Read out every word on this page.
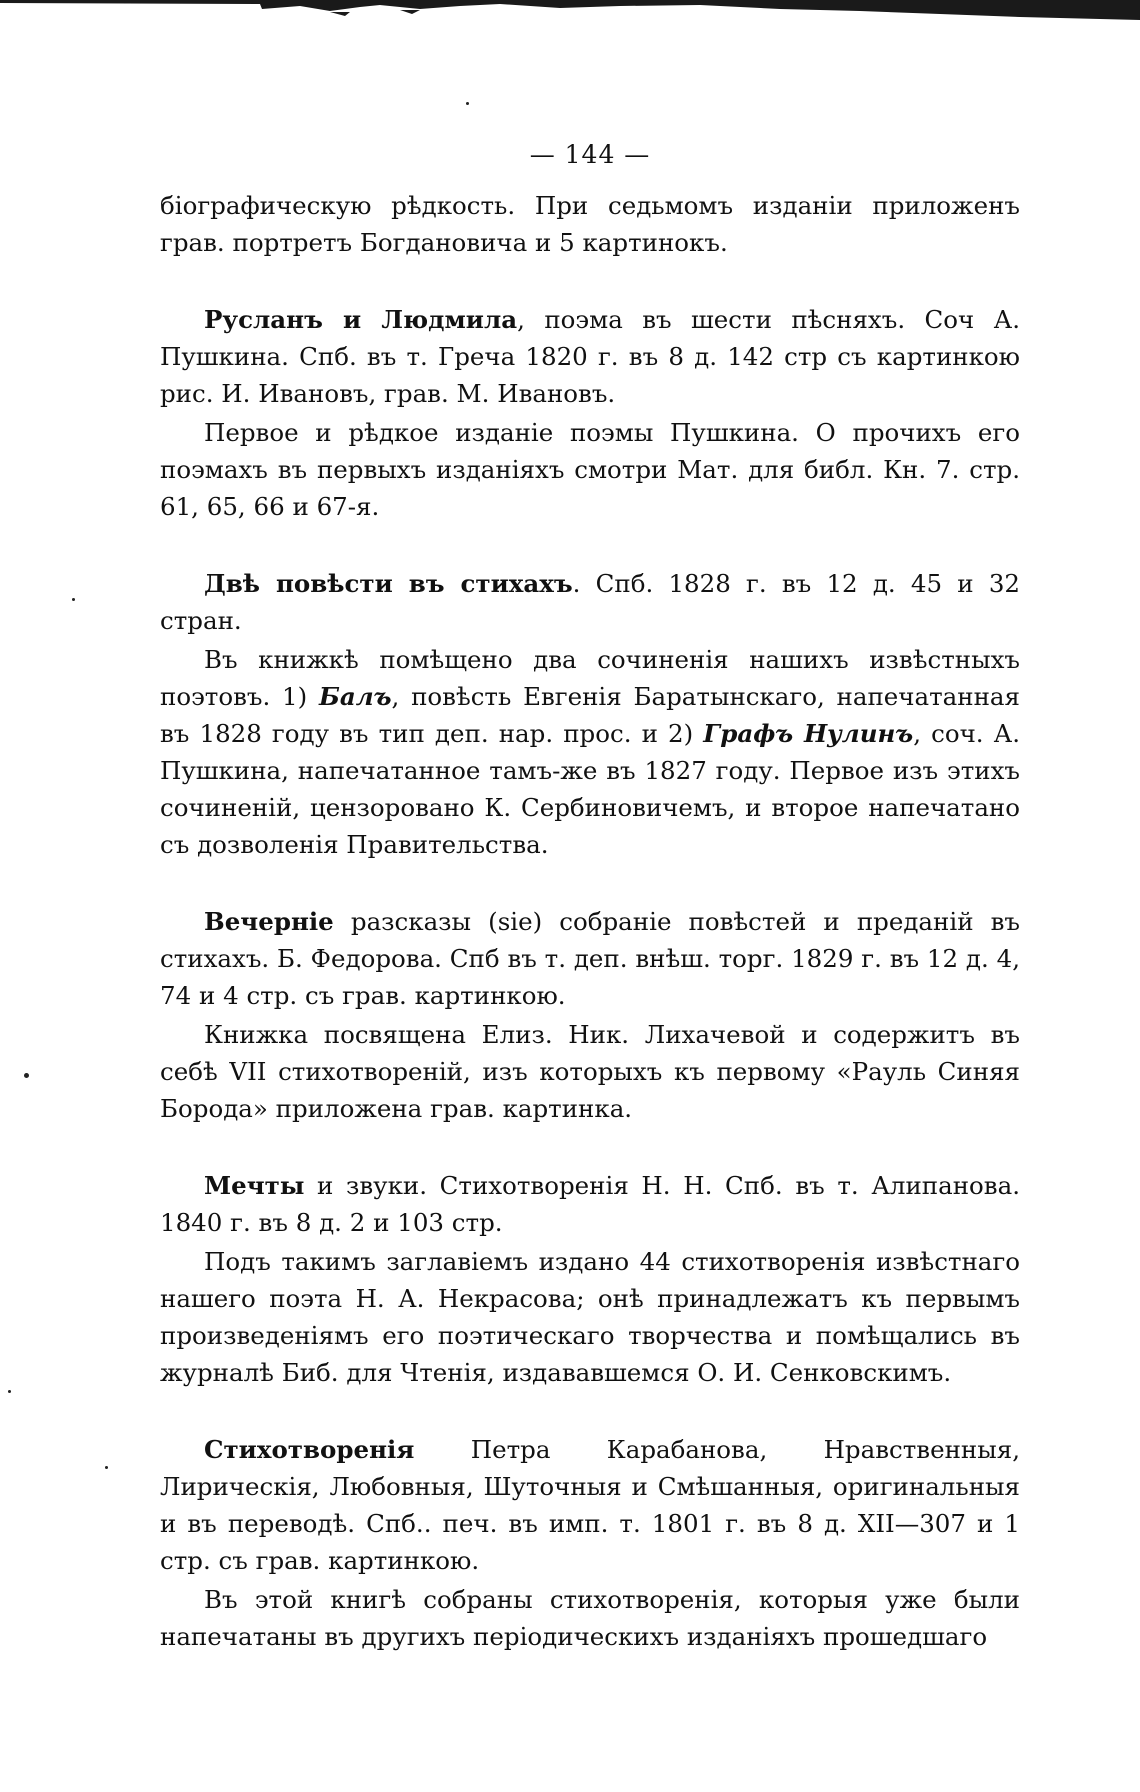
— 144 —

бiографическую рѣдкость. При седьмомъ изданiи приложенъ грав. портретъ Богдановича и 5 картинокъ.

Русланъ и Людмила, поэма въ шести пѣсняхъ. Соч А. Пушкина. Спб. въ т. Греча 1820 г. въ 8 д. 142 стр съ картинкою рис. И. Ивановъ, грав. М. Ивановъ.

Первое и рѣдкое изданiе поэмы Пушкина. О прочихъ его поэмахъ въ первыхъ изданiяхъ смотри Мат. для библ. Кн. 7. стр. 61, 65, 66 и 67-я.

Двѣ повѣсти въ стихахъ. Спб. 1828 г. въ 12 д. 45 и 32 стран.

Въ книжкѣ помѣщено два сочиненiя нашихъ извѣстныхъ поэтовъ. 1) Балъ, повѣсть Евгенiя Баратынскаго, напечатанная въ 1828 году въ тип деп. нар. прос. и 2) Графъ Нулинъ, соч. А. Пушкина, напечатанное тамъ-же въ 1827 году. Первое изъ этихъ сочиненiй, цензоровано К. Сербиновичемъ, и второе напечатано съ дозволенiя Правительства.

Вечернiе разсказы (sie) собранiе повѣстей и преданiй въ стихахъ. Б. Федорова. Спб въ т. деп. внѣш. торг. 1829 г. въ 12 д. 4, 74 и 4 стр. съ грав. картинкою.

Книжка посвящена Елиз. Ник. Лихачевой и содержитъ въ себѣ VII стихотворенiй, изъ которыхъ къ первому «Рауль Синяя Борода» приложена грав. картинка.

Мечты и звуки. Стихотворенiя Н. Н. Спб. въ т. Алипанова. 1840 г. въ 8 д. 2 и 103 стр.

Подъ такимъ заглавiемъ издано 44 стихотворенiя извѣстнаго нашего поэта Н. А. Некрасова; онѣ принадлежатъ къ первымъ произведенiямъ его поэтическаго творчества и помѣщались въ журналѣ Биб. для Чтенiя, издававшемся О. И. Сенковскимъ.

Стихотворенiя Петра Карабанова, Нравственныя, Лирическiя, Любовныя, Шуточныя и Смѣшанныя, оригинальныя и въ переводѣ. Спб.. печ. въ имп. т. 1801 г. въ 8 д. XII—307 и 1 стр. съ грав. картинкою.

Въ этой книгѣ собраны стихотворенiя, которыя уже были напечатаны въ другихъ перiодическихъ изданiяхъ прошедшаго
